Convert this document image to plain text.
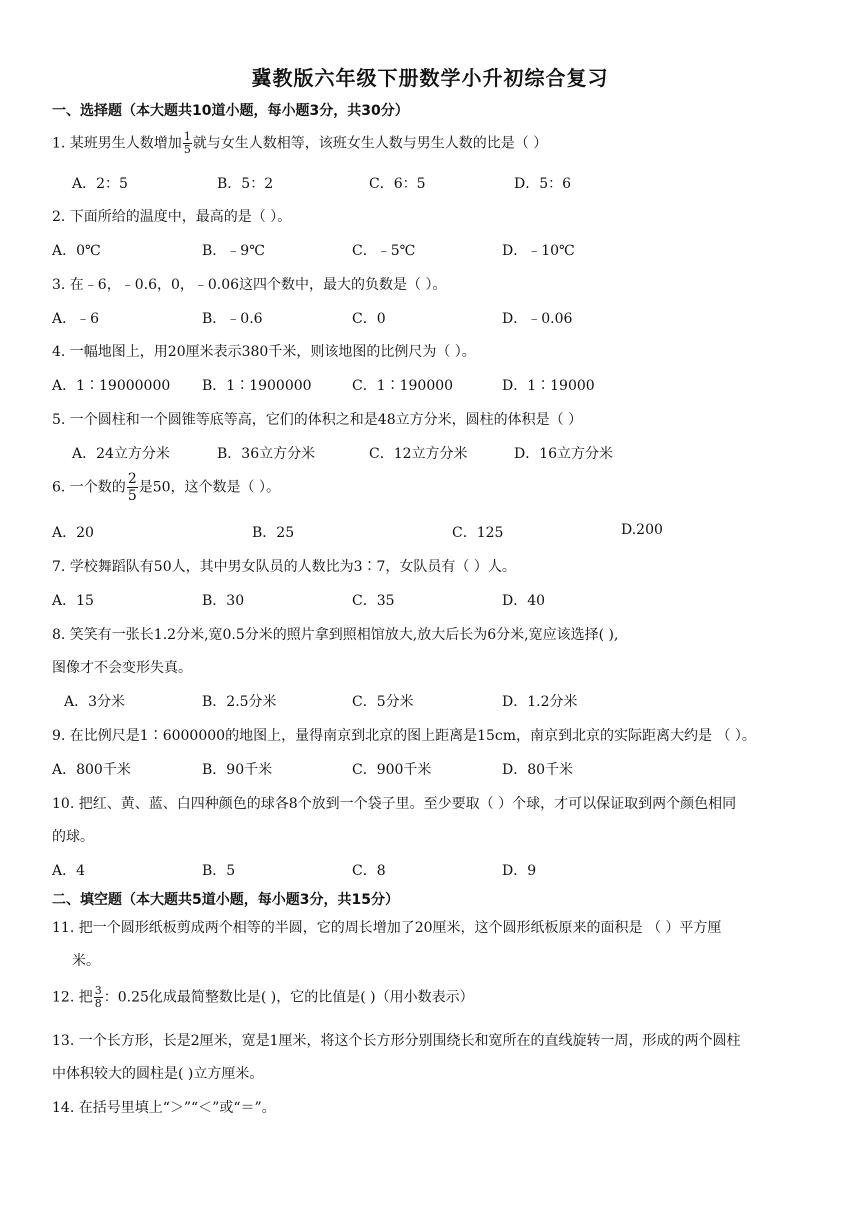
冀教版六年级下册数学小升初综合复习
一、选择题（本大题共10道小题，每小题3分，共30分）
1. 某班男生人数增加 $\frac{1}{5}$ 就与女生人数相等，该班女生人数与男生人数的比是（ ）
A．2：5	B．5：2	C．6：5	D．5：6
2. 下面所给的温度中，最高的是（ ）。
A．0℃	B．﹣9℃	C．﹣5℃	D．﹣10℃
3. 在﹣6，﹣0.6，0，﹣0.06这四个数中，最大的负数是（ ）。
A．﹣6	B．﹣0.6	C．0	D．﹣0.06
4. 一幅地图上，用20厘米表示380千米，则该地图的比例尺为（ ）。
A．1∶19000000 B．1∶1900000	C．1∶190000	D．1∶19000
5. 一个圆柱和一个圆锥等底等高，它们的体积之和是48立方分米，圆柱的体积是（ ）
A．24立方分米	B．36立方分米	C．12立方分米	D．16立方分米
6. 一个数的 $\frac{2}{5}$ 是50，这个数是（ ）。
A．20	B．25	C．125	D.200
7. 学校舞蹈队有50人，其中男女队员的人数比为3∶7，女队员有（ ）人。
A．15	B．30	C．35	D．40
8. 笑笑有一张长1.2分米,宽0.5分米的照片拿到照相馆放大,放大后长为6分米,宽应该选择( ),
图像才不会变形失真。
A．3分米	B．2.5分米	C．5分米	D．1.2分米
9. 在比例尺是1∶6000000的地图上，量得南京到北京的图上距离是15cm，南京到北京的实际距离大约是 （ ）。
A．800千米	B．90千米	C．900千米	D．80千米
10. 把红、黄、蓝、白四种颜色的球各8个放到一个袋子里。至少要取（ ）个球，才可以保证取到两个颜色相同
的球。
A．4	B．5	C．8	D．9
二、填空题（本大题共5道小题，每小题3分，共15分）
11. 把一个圆形纸板剪成两个相等的半圆，它的周长增加了20厘米，这个圆形纸板原来的面积是 （ ）平方厘
米。
12. 把 $\frac{3}{8}$ ：0.25化成最简整数比是( )，它的比值是( )（用小数表示）
13. 一个长方形，长是2厘米，宽是1厘米，将这个长方形分别围绕长和宽所在的直线旋转一周，形成的两个圆柱
中体积较大的圆柱是( )立方厘米。
14. 在括号里填上“＞”“＜”或“＝”。
